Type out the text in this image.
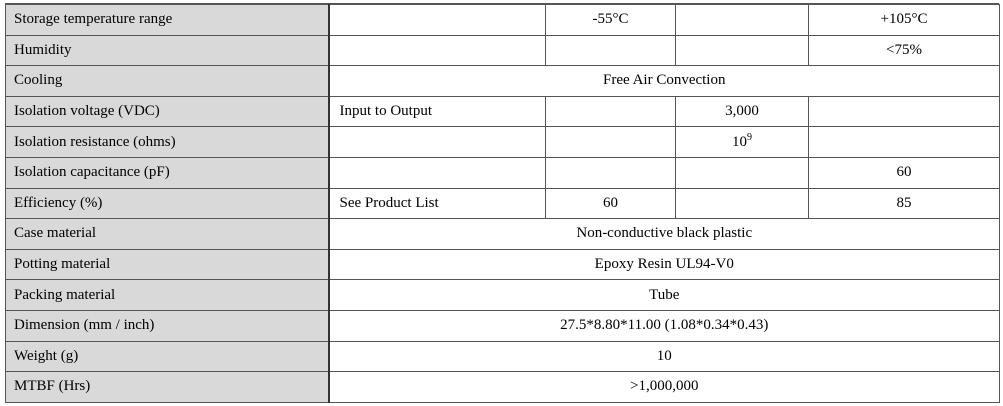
Storage temperature range		-55°C		+105°C
Humidity				<75%
Cooling	Free Air Convection			
Isolation voltage (VDC)	Input to Output		3,000	
Isolation resistance (ohms)			$10^9$	
Isolation capacitance (pF)				60
Efficiency (%)	See Product List	60		85
Case material	Non-conductive black plastic			
Potting material	Epoxy Resin UL94-V0			
Packing material	Tube			
Dimension (mm / inch)	27.5*8.80*11.00 (1.08*0.34*0.43)			
Weight (g)	10			
MTBF (Hrs)	>1,000,000			
